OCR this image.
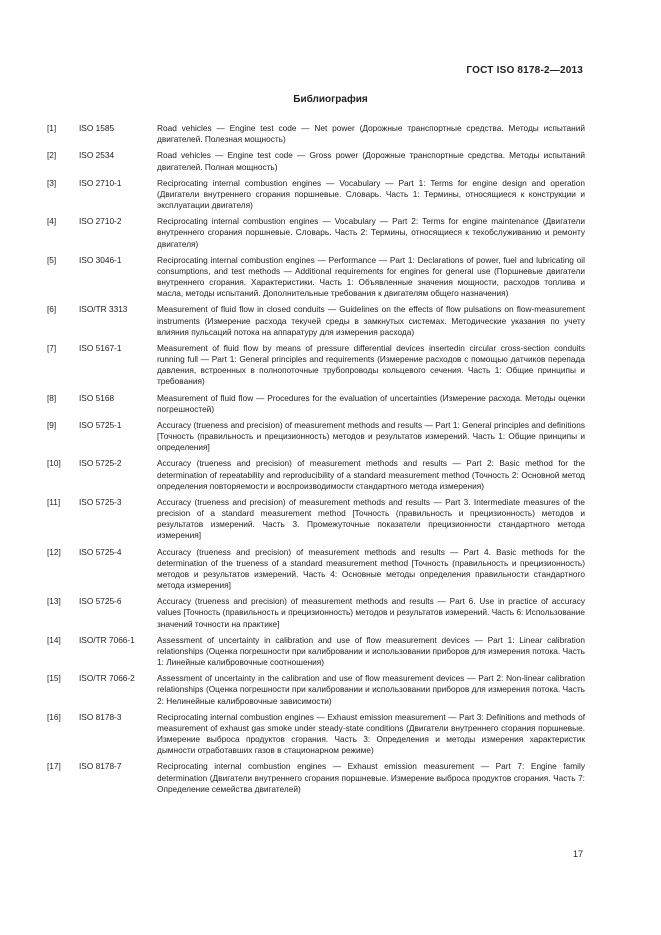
ГОСТ ISO 8178-2—2013
Библиография
[1]	ISO 1585	Road vehicles — Engine test code — Net power (Дорожные транспортные средства. Методы испытаний двигателей. Полезная мощность)
[2]	ISO 2534	Road vehicles — Engine test code — Gross power (Дорожные транспортные средства. Методы испытаний двигателей. Полная мощность)
[3]	ISO 2710-1	Reciprocating internal combustion engines — Vocabulary — Part 1: Terms for engine design and operation (Двигатели внутреннего сгорания поршневые. Словарь. Часть 1: Термины, относящиеся к конструкции и эксплуатации двигателя)
[4]	ISO 2710-2	Reciprocating internal combustion engines — Vocabulary — Part 2: Terms for engine maintenance (Двигатели внутреннего сгорания поршневые. Словарь. Часть 2: Термины, относящиеся к техобслуживанию и ремонту двигателя)
[5]	ISO 3046-1	Reciprocating internal combustion engines — Performance — Part 1: Declarations of power, fuel and lubricating oil consumptions, and test methods — Additional requirements for engines for general use (Поршневые двигатели внутреннего сгорания. Характеристики. Часть 1: Объявленные значения мощности, расходов топлива и масла, методы испытаний. Дополнительные требования к двигателям общего назначения)
[6]	ISO/TR 3313	Measurement of fluid flow in closed conduits — Guidelines on the effects of flow pulsations on flow-measurement instruments (Измерение расхода текучей среды в замкнутых системах. Методические указания по учету влияния пульсаций потока на аппаратуру для измерения расхода)
[7]	ISO 5167-1	Measurement of fluid flow by means of pressure differential devices insertedin circular cross-section conduits running full — Part 1: General principles and requirements (Измерение расходов с помощью датчиков перепада давления, встроенных в полнопоточные трубопроводы кольцевого сечения. Часть 1: Общие принципы и требования)
[8]	ISO 5168	Measurement of fluid flow — Procedures for the evaluation of uncertainties (Измерение расхода. Методы оценки погрешностей)
[9]	ISO 5725-1	Accuracy (trueness and precision) of measurement methods and results — Part 1: General principles and definitions [Точность (правильность и прецизионность) методов и результатов измерений. Часть 1: Общие принципы и определения]
[10]	ISO 5725-2	Accuracy (trueness and precision) of measurement methods and results — Part 2: Basic method for the determination of repeatability and reproducibility of a standard measurement method (Точность 2: Основной метод определения повторяемости и воспроизводимости стандартного метода измерения)
[11]	ISO 5725-3	Accuracy (trueness and precision) of measurement methods and results — Part 3. Intermediate measures of the precision of a standard measurement method [Точность (правильность и прецизионность) методов и результатов измерений. Часть 3. Промежуточные показатели прецизионности стандартного метода измерения]
[12]	ISO 5725-4	Accuracy (trueness and precision) of measurement methods and results — Part 4. Basic methods for the determination of the trueness of a standard measurement method [Точность (правильность и прецизионность) методов и результатов измерений. Часть 4: Основные методы определения правильности стандартного метода измерения]
[13]	ISO 5725-6	Accuracy (trueness and precision) of measurement methods and results — Part 6. Use in practice of accuracy values [Точность (правильность и прецизионность) методов и результатов измерений. Часть 6: Использование значений точности на практике]
[14]	ISO/TR 7066-1	Assessment of uncertainty in calibration and use of flow measurement devices — Part 1: Linear calibration relationships (Оценка погрешности при калибровании и использовании приборов для измерения потока. Часть 1: Линейные калибровочные соотношения)
[15]	ISO/TR 7066-2	Assessment of uncertainty in the calibration and use of flow measurement devices — Part 2: Non-linear calibration relationships (Оценка погрешности при калибровании и использовании приборов для измерения потока. Часть 2: Нелинейные калибровочные зависимости)
[16]	ISO 8178-3	Reciprocating internal combustion engines — Exhaust emission measurement — Part 3: Definitions and methods of measurement of exhaust gas smoke under steady-state conditions (Двигатели внутреннего сгорания поршневые. Измерение выброса продуктов сгорания. Часть 3: Определения и методы измерения характеристик дымности отработавших газов в стационарном режиме)
[17]	ISO 8178-7	Reciprocating internal combustion engines — Exhaust emission measurement — Part 7: Engine family determination (Двигатели внутреннего сгорания поршневые. Измерение выброса продуктов сгорания. Часть 7: Определение семейства двигателей)
17
